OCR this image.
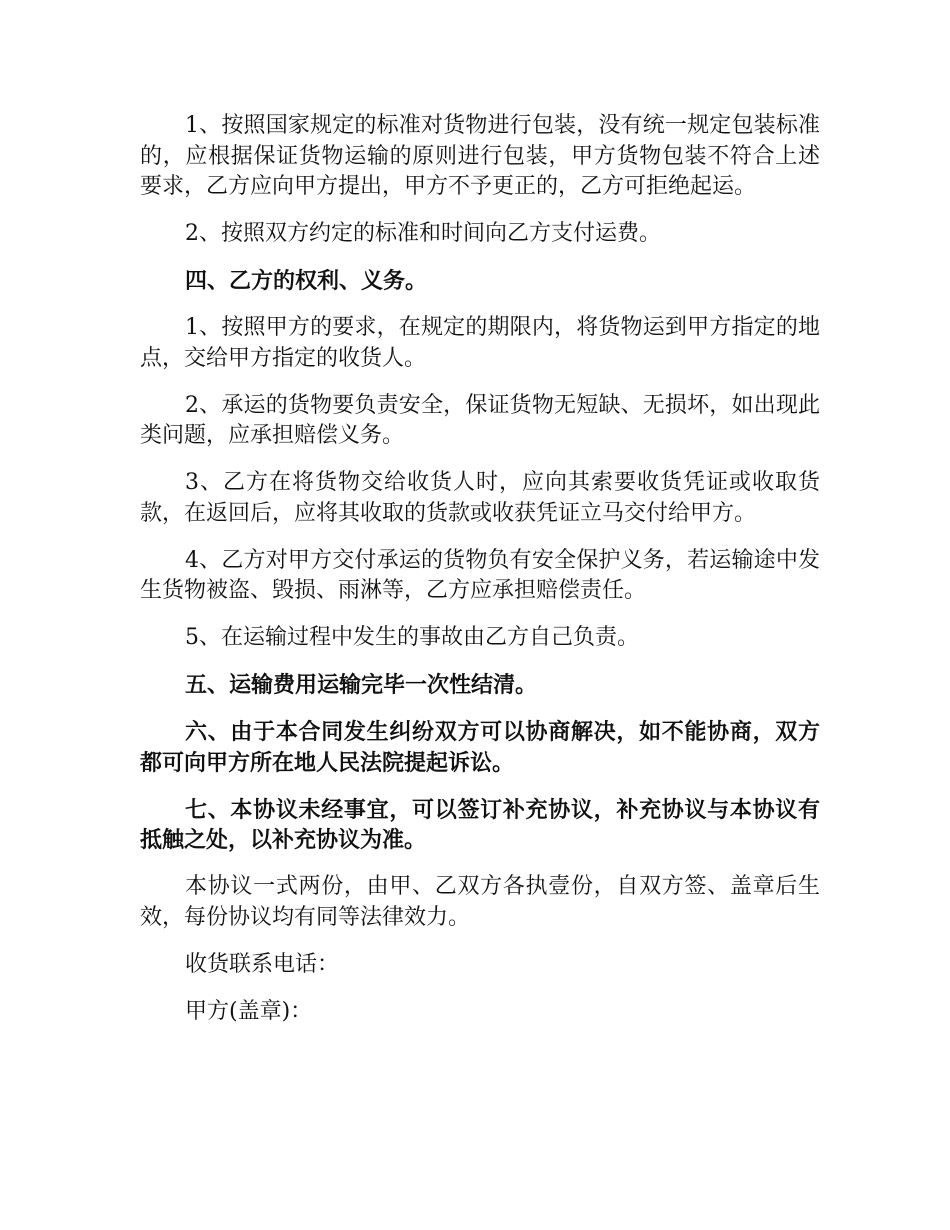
1、按照国家规定的标准对货物进行包装，没有统一规定包装标准的，应根据保证货物运输的原则进行包装，甲方货物包装不符合上述要求，乙方应向甲方提出，甲方不予更正的，乙方可拒绝起运。

2、按照双方约定的标准和时间向乙方支付运费。

四、乙方的权利、义务。

1、按照甲方的要求，在规定的期限内，将货物运到甲方指定的地点，交给甲方指定的收货人。

2、承运的货物要负责安全，保证货物无短缺、无损坏，如出现此类问题，应承担赔偿义务。

3、乙方在将货物交给收货人时，应向其索要收货凭证或收取货款，在返回后，应将其收取的货款或收获凭证立马交付给甲方。

4、乙方对甲方交付承运的货物负有安全保护义务，若运输途中发生货物被盗、毁损、雨淋等，乙方应承担赔偿责任。

5、在运输过程中发生的事故由乙方自己负责。

五、运输费用运输完毕一次性结清。

六、由于本合同发生纠纷双方可以协商解决，如不能协商，双方都可向甲方所在地人民法院提起诉讼。

七、本协议未经事宜，可以签订补充协议，补充协议与本协议有抵触之处，以补充协议为准。

本协议一式两份，由甲、乙双方各执壹份，自双方签、盖章后生效，每份协议均有同等法律效力。

收货联系电话：

甲方(盖章)：
